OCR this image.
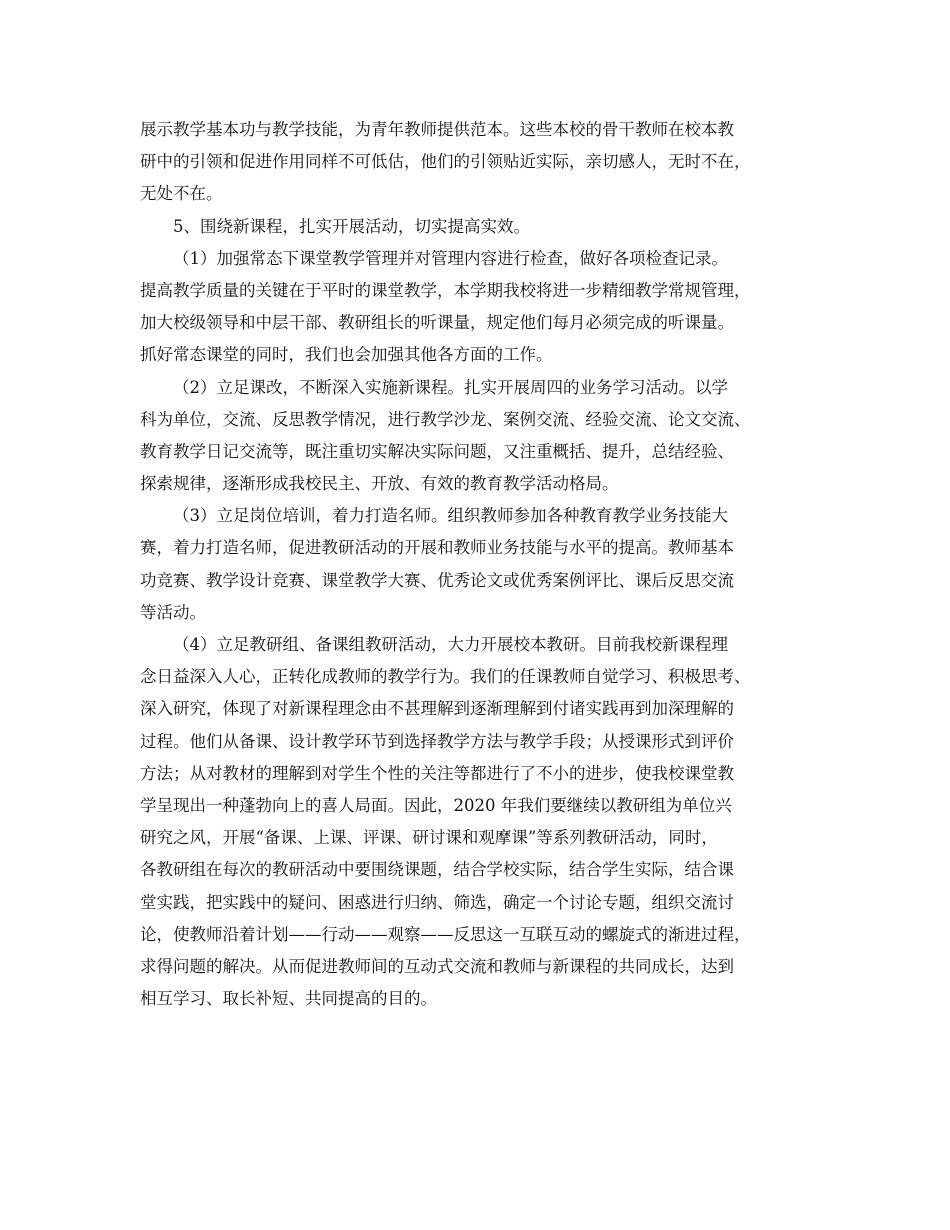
展示教学基本功与教学技能，为青年教师提供范本。这些本校的骨干教师在校本教
研中的引领和促进作用同样不可低估，他们的引领贴近实际，亲切感人，无时不在，
无处不在。
5、围绕新课程，扎实开展活动，切实提高实效。
（1）加强常态下课堂教学管理并对管理内容进行检查，做好各项检查记录。
提高教学质量的关键在于平时的课堂教学，本学期我校将进一步精细教学常规管理，
加大校级领导和中层干部、教研组长的听课量，规定他们每月必须完成的听课量。
抓好常态课堂的同时，我们也会加强其他各方面的工作。
（2）立足课改，不断深入实施新课程。扎实开展周四的业务学习活动。以学
科为单位，交流、反思教学情况，进行教学沙龙、案例交流、经验交流、论文交流、
教育教学日记交流等，既注重切实解决实际问题，又注重概括、提升，总结经验、
探索规律，逐渐形成我校民主、开放、有效的教育教学活动格局。
（3）立足岗位培训，着力打造名师。组织教师参加各种教育教学业务技能大
赛，着力打造名师，促进教研活动的开展和教师业务技能与水平的提高。教师基本
功竞赛、教学设计竞赛、课堂教学大赛、优秀论文或优秀案例评比、课后反思交流
等活动。
（4）立足教研组、备课组教研活动，大力开展校本教研。目前我校新课程理
念日益深入人心，正转化成教师的教学行为。我们的任课教师自觉学习、积极思考、
深入研究，体现了对新课程理念由不甚理解到逐渐理解到付诸实践再到加深理解的
过程。他们从备课、设计教学环节到选择教学方法与教学手段；从授课形式到评价
方法；从对教材的理解到对学生个性的关注等都进行了不小的进步，使我校课堂教
学呈现出一种蓬勃向上的喜人局面。因此，2020 年我们要继续以教研组为单位兴
研究之风，开展“备课、上课、评课、研讨课和观摩课”等系列教研活动，同时，
各教研组在每次的教研活动中要围绕课题，结合学校实际，结合学生实际，结合课
堂实践，把实践中的疑问、困惑进行归纳、筛选，确定一个讨论专题，组织交流讨
论，使教师沿着计划——行动——观察——反思这一互联互动的螺旋式的渐进过程，
求得问题的解决。从而促进教师间的互动式交流和教师与新课程的共同成长，达到
相互学习、取长补短、共同提高的目的。
